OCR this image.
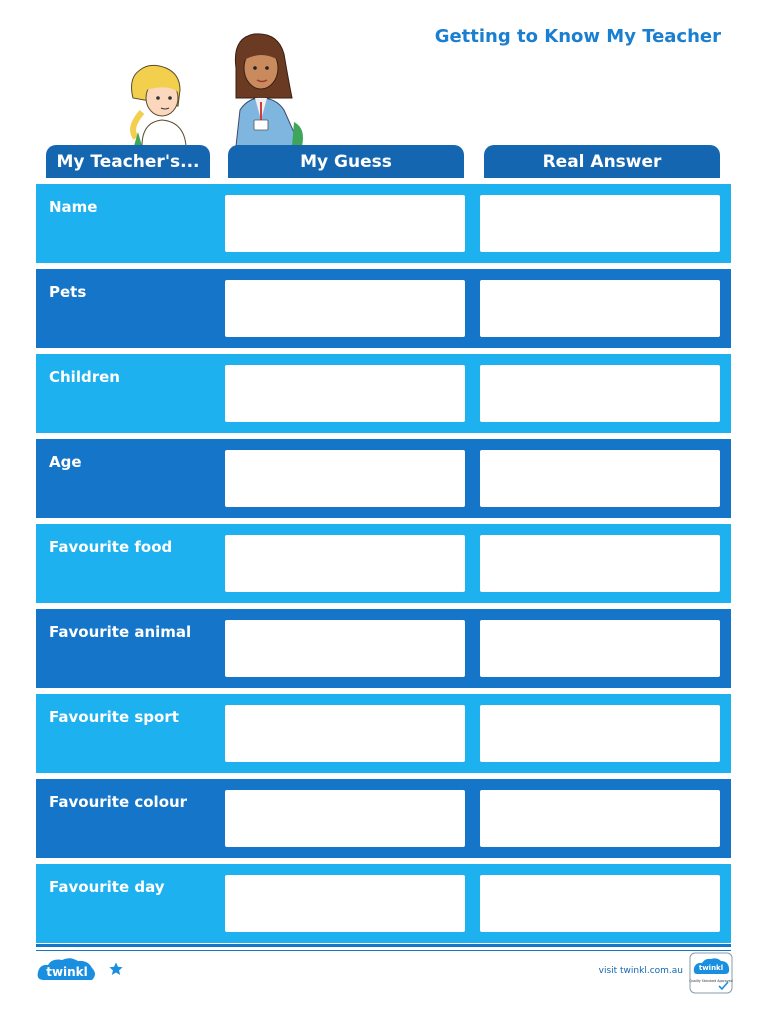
Getting to Know My Teacher
My Teacher's...	My Guess	Real Answer
Name
Pets
Children
Age
Favourite food
Favourite animal
Favourite sport
Favourite colour
Favourite day
twinkl	visit twinkl.com.au twinkl
Quality Standard Approved
